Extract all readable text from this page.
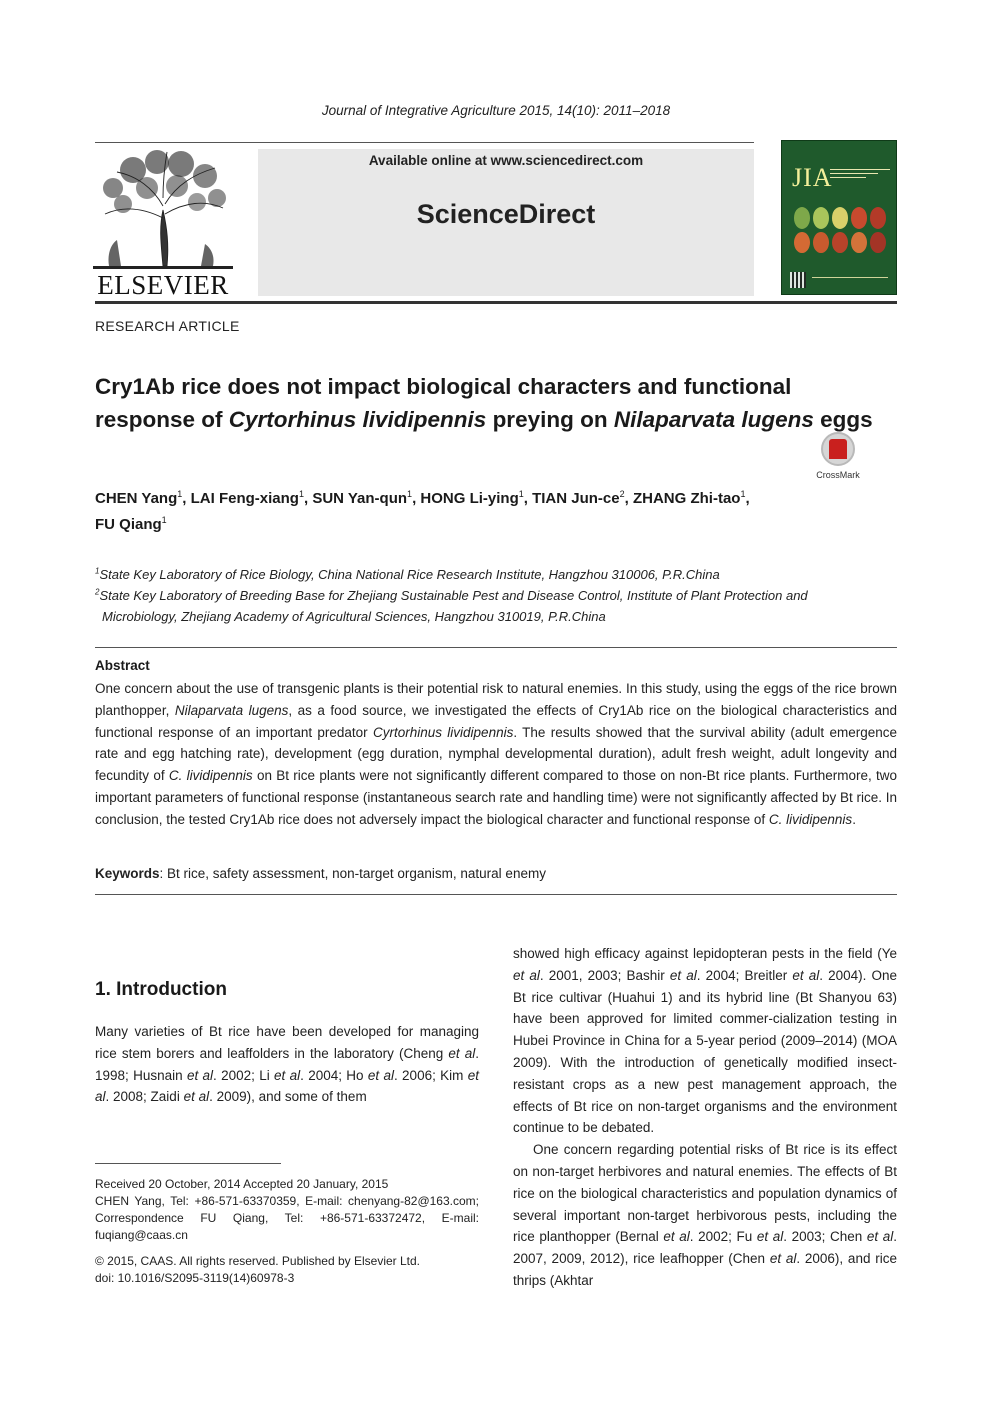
Journal of Integrative Agriculture 2015, 14(10): 2011–2018
ELSEVIER
Available online at www.sciencedirect.com
ScienceDirect
JIA
RESEARCH ARTICLE
Cry1Ab rice does not impact biological characters and functional response of Cyrtorhinus lividipennis preying on Nilaparvata lugens eggs
CrossMark
CHEN Yang$^1$, LAI Feng-xiang$^1$, SUN Yan-qun$^1$, HONG Li-ying$^1$, TIAN Jun-$ce^2$, ZHANG Zhi-tao$^1$,
FU Qiang$^1$
$^1$State Key Laboratory of Rice Biology, China National Rice Research Institute, Hangzhou 310006, P.R.China
$^2$State Key Laboratory of Breeding Base for Zhejiang Sustainable Pest and Disease Control, Institute of Plant Protection and
Microbiology, Zhejiang Academy of Agricultural Sciences, Hangzhou 310019, P.R.China
Abstract
One concern about the use of transgenic plants is their potential risk to natural enemies. In this study, using the eggs of the rice brown planthopper, Nilaparvata lugens, as a food source, we investigated the effects of Cry1Ab rice on the biological characteristics and functional response of an important predator Cyrtorhinus lividipennis. The results showed that the survival ability (adult emergence rate and egg hatching rate), development (egg duration, nymphal developmental duration), adult fresh weight, adult longevity and fecundity of C. lividipennis on Bt rice plants were not significantly different compared to those on non-Bt rice plants. Furthermore, two important parameters of functional response (instantaneous search rate and handling time) were not significantly affected by Bt rice. In conclusion, the tested Cry1Ab rice does not adversely impact the biological character and functional response of C. lividipennis.
Keywords: Bt rice, safety assessment, non-target organism, natural enemy
1. Introduction
Many varieties of Bt rice have been developed for managing rice stem borers and leaffolders in the laboratory (Cheng et al. 1998; Husnain et al. 2002; Li et al. 2004; Ho et al. 2006; Kim et al. 2008; Zaidi et al. 2009), and some of them

showed high efficacy against lepidopteran pests in the field (Ye et al. 2001, 2003; Bashir et al. 2004; Breitler et al. 2004). One Bt rice cultivar (Huahui 1) and its hybrid line (Bt Shanyou 63) have been approved for limited commer-cialization testing in Hubei Province in China for a 5-year period (2009–2014) (MOA 2009). With the introduction of genetically modified insect-resistant crops as a new pest management approach, the effects of Bt rice on non-target organisms and the environment continue to be debated.

One concern regarding potential risks of Bt rice is its effect on non-target herbivores and natural enemies. The effects of Bt rice on the biological characteristics and population dynamics of several important non-target herbivorous pests, including the rice planthopper (Bernal et al. 2002; Fu et al. 2003; Chen et al. 2007, 2009, 2012), rice leafhopper (Chen et al. 2006), and rice thrips (Akhtar

Received 20 October, 2014 Accepted 20 January, 2015
CHEN Yang, Tel: +86-571-63370359, E-mail: chenyang-82@163.com; Correspondence FU Qiang, Tel: +86-571-63372472, E-mail: fuqiang@caas.cn
© 2015, CAAS. All rights reserved. Published by Elsevier Ltd.
doi: 10.1016/S2095-3119(14)60978-3
